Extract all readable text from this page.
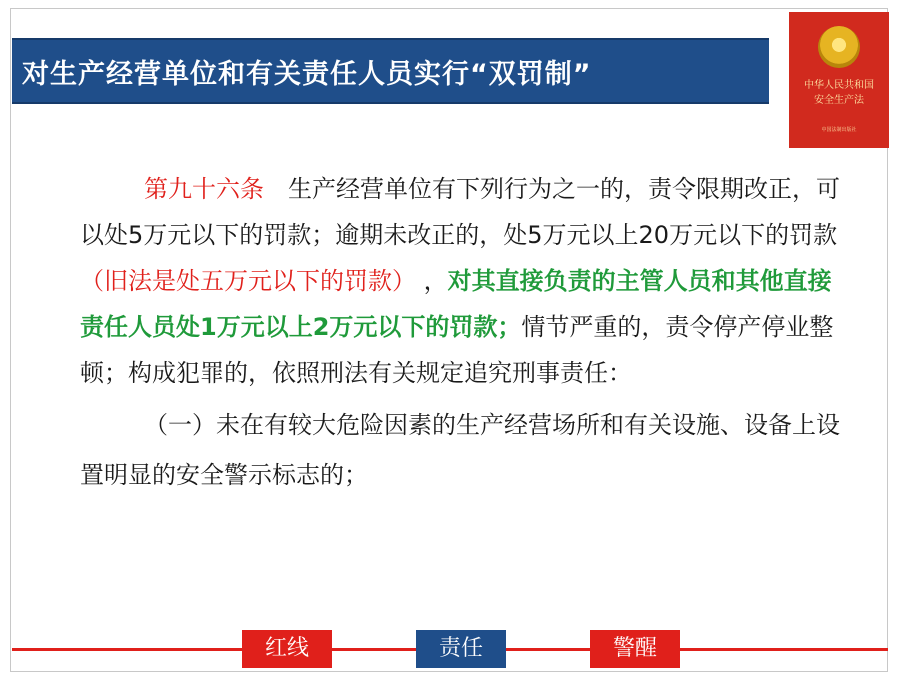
对生产经营单位和有关责任人员实行“双罚制”	中华人民共和国
安全生产法
中国法制出版社

第九十六条　生产经营单位有下列行为之一的，责令限期改正，可以处5万元以下的罚款；逾期未改正的，处5万元以上20万元以下的罚款（旧法是处五万元以下的罚款） ，对其直接负责的主管人员和其他直接责任人员处1万元以上2万元以下的罚款；情节严重的，责令停产停业整顿；构成犯罪的，依照刑法有关规定追究刑事责任：

（一）未在有较大危险因素的生产经营场所和有关设施、设备上设置明显的安全警示标志的；

红线	责任	警醒
